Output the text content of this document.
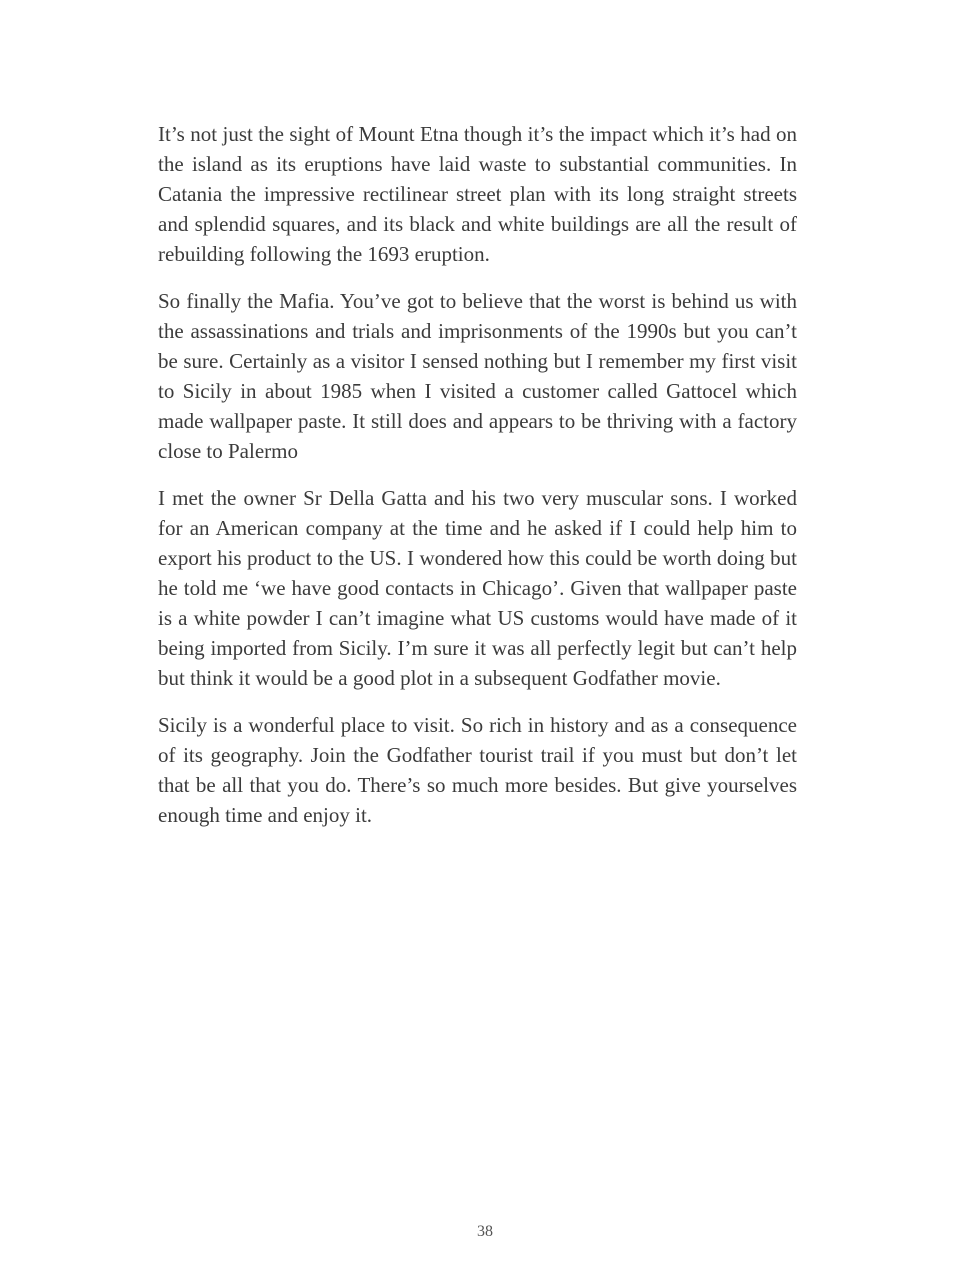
It’s not just the sight of Mount Etna though it’s the impact which it’s had on the island as its eruptions have laid waste to substantial communities. In Catania the impressive rectilinear street plan with its long straight streets and splendid squares, and its black and white buildings are all the result of rebuilding following the 1693 eruption.

So finally the Mafia. You’ve got to believe that the worst is behind us with the assassinations and trials and imprisonments of the 1990s but you can’t be sure. Certainly as a visitor I sensed nothing but I remember my first visit to Sicily in about 1985 when I visited a customer called Gattocel which made wallpaper paste. It still does and appears to be thriving with a factory close to Palermo

I met the owner Sr Della Gatta and his two very muscular sons. I worked for an American company at the time and he asked if I could help him to export his product to the US. I wondered how this could be worth doing but he told me ‘we have good contacts in Chicago’. Given that wallpaper paste is a white powder I can’t imagine what US customs would have made of it being imported from Sicily. I’m sure it was all perfectly legit but can’t help but think it would be a good plot in a subsequent Godfather movie.

Sicily is a wonderful place to visit. So rich in history and as a consequence of its geography. Join the Godfather tourist trail if you must but don’t let that be all that you do. There’s so much more besides. But give yourselves enough time and enjoy it.

38
